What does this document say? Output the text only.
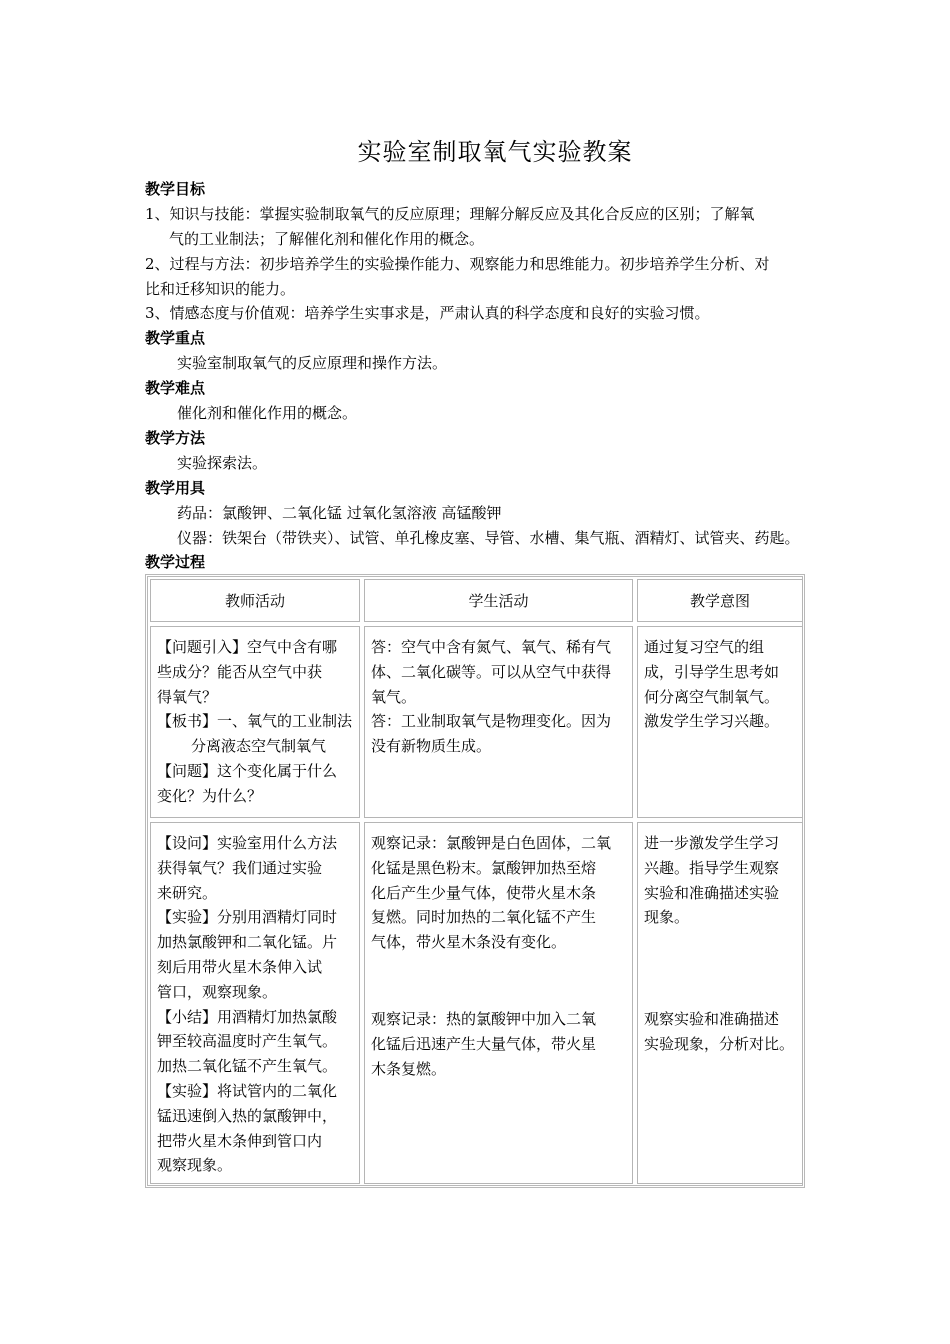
实验室制取氧气实验教案
教学目标
1、知识与技能：掌握实验制取氧气的反应原理；理解分解反应及其化合反应的区别；了解氧
气的工业制法；了解催化剂和催化作用的概念。
2、过程与方法：初步培养学生的实验操作能力、观察能力和思维能力。初步培养学生分析、对
比和迁移知识的能力。
3、情感态度与价值观：培养学生实事求是，严肃认真的科学态度和良好的实验习惯。
教学重点
实验室制取氧气的反应原理和操作方法。
教学难点
催化剂和催化作用的概念。
教学方法
实验探索法。
教学用具
药品：氯酸钾、二氧化锰 过氧化氢溶液 高锰酸钾
仪器：铁架台（带铁夹）、试管、单孔橡皮塞、导管、水槽、集气瓶、酒精灯、试管夹、药匙。
教学过程
教师活动	学生活动	教学意图
【问题引入】空气中含有哪
些成分？能否从空气中获
得氧气？
【板书】一、氧气的工业制法
分离液态空气制氧气
【问题】这个变化属于什么
变化？为什么？
答：空气中含有氮气、氧气、稀有气
体、二氧化碳等。可以从空气中获得
氧气。
答：工业制取氧气是物理变化。因为
没有新物质生成。
通过复习空气的组
成，引导学生思考如
何分离空气制氧气。
激发学生学习兴趣。
【设问】实验室用什么方法
获得氧气？我们通过实验
来研究。
【实验】分别用酒精灯同时
加热氯酸钾和二氧化锰。片
刻后用带火星木条伸入试
管口，观察现象。
【小结】用酒精灯加热氯酸
钾至较高温度时产生氧气。
加热二氧化锰不产生氧气。
【实验】将试管内的二氧化
锰迅速倒入热的氯酸钾中，
把带火星木条伸到管口内
观察现象。
观察记录：氯酸钾是白色固体，二氧
化锰是黑色粉末。氯酸钾加热至熔
化后产生少量气体，使带火星木条
复燃。同时加热的二氧化锰不产生
气体，带火星木条没有变化。
观察记录：热的氯酸钾中加入二氧
化锰后迅速产生大量气体，带火星
木条复燃。
进一步激发学生学习
兴趣。指导学生观察
实验和准确描述实验
现象。
观察实验和准确描述
实验现象，分析对比。
